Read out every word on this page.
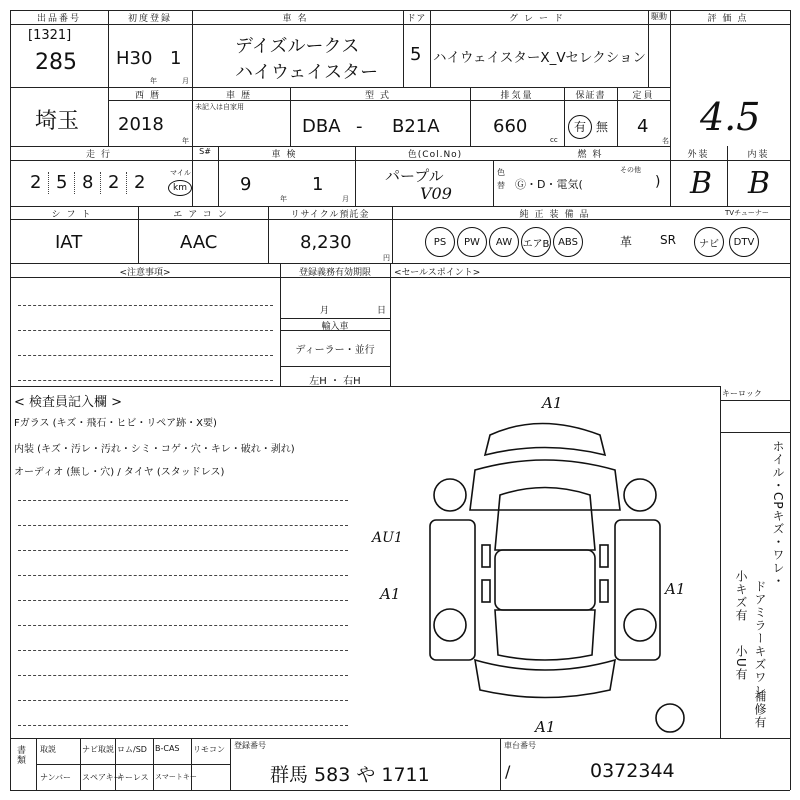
出品番号
[1321]
285
初度登録
H30 1
年	月
車名
デイズルークス
ハイウェイスター
ドア
5
グレード
ハイウェイスターX_Vセレクション
駆動	評価点
4.5
埼玉
西暦
2018
年
車歴
未記入は自家用
型式
DBA - B21A
排気量
660
cc
保証書
有 無
定員
4
名
走行
2 5 8 2 2	マイル
km
S#	車検
9
年
1
月
色(Col.No)
パープル
V09
色替
燃料
Ⓖ・D・電気(
その他
)
外装
B
内装
B
シフト
IAT
エアコン
AAC
リサイクル預託金
8,230
円
純正装備品
PS	PW	AW	エアB ABS	革 SR	ナビ	DTV
TVチューナー
<注意事項>	登録義務有効期限
月	日
輸入車
ディーラー・並行
左H ・ 右H
<セールスポイント>
< 検査員記入欄 >
Fガラス (キズ・飛石・ヒビ・リペア跡・X要)
内装 (キズ・汚レ・汚れ・シミ・コゲ・穴・キレ・破れ・剥れ)
オーディオ (無し・穴) / タイヤ (スタッドレス)
A1
AU1
A1	A1
A1
キーロック
ホイル・CPキズ・ワレ・
ドアミラーキズワレ
小キズ有
小U有
補修有
書類 取説	ナビ取説 ロム/SD B-CAS リモコン
ナンバー スペアキー
キーレス スマートキー
登録番号
群馬 583 や 1711
車台番号
/	0372344
